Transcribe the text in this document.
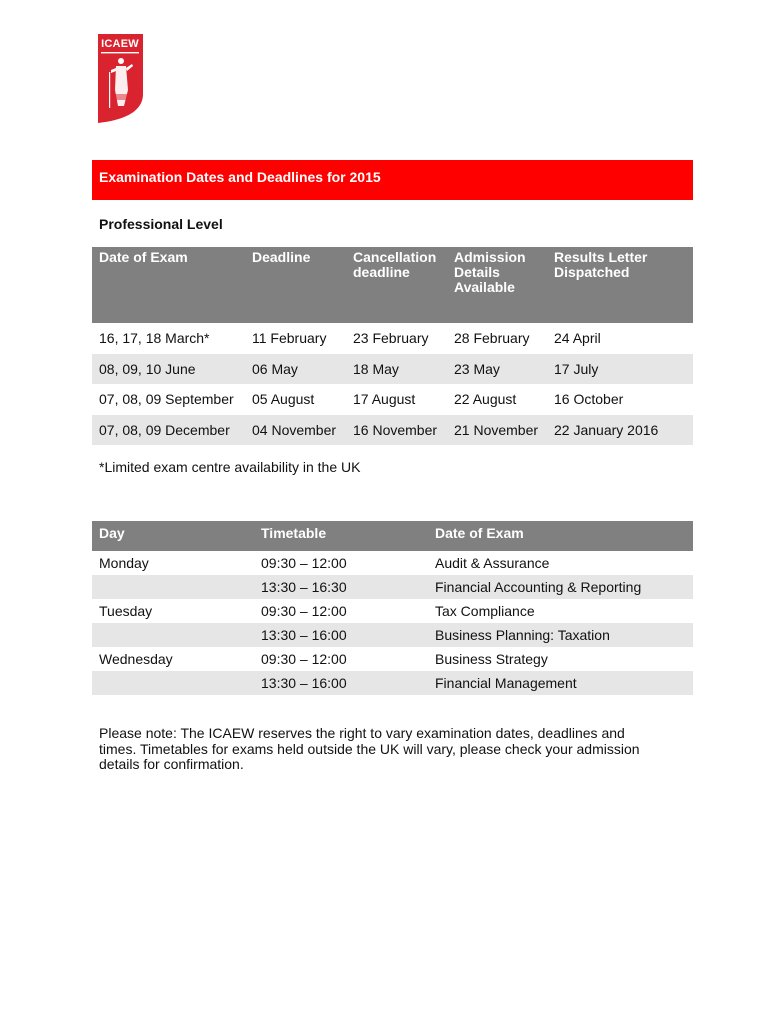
ICAEW
Examination Dates and Deadlines for 2015
Professional Level
Date of Exam	Deadline	Cancellation deadline	Admission Details Available	Results Letter Dispatched
16, 17, 18 March*	11 February	23 February	28 February	24 April
08, 09, 10 June	06 May	18 May	23 May	17 July
07, 08, 09 September	05 August	17 August	22 August	16 October
07, 08, 09 December	04 November	16 November	21 November	22 January 2016
*Limited exam centre availability in the UK
Day	Timetable	Date of Exam
Monday	09:30 – 12:00	Audit & Assurance
	13:30 – 16:30	Financial Accounting & Reporting
Tuesday	09:30 – 12:00	Tax Compliance
	13:30 – 16:00	Business Planning: Taxation
Wednesday	09:30 – 12:00	Business Strategy
	13:30 – 16:00	Financial Management
Please note: The ICAEW reserves the right to vary examination dates, deadlines and times. Timetables for exams held outside the UK will vary, please check your admission details for confirmation.
